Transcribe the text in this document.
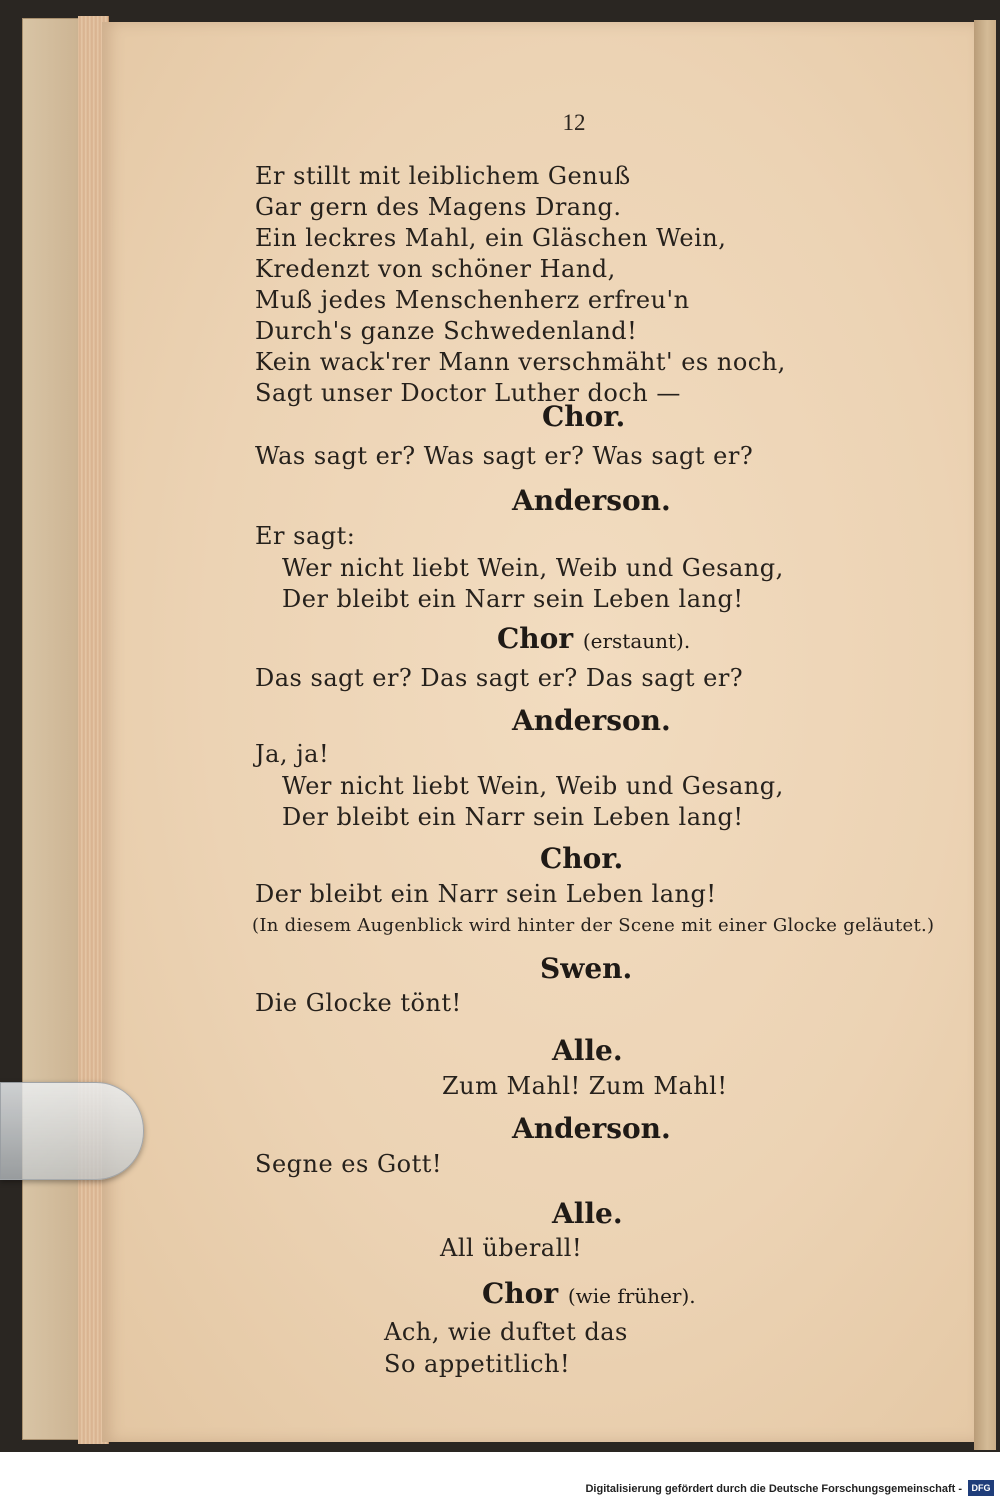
12
Er stillt mit leiblichem Genuß
Gar gern des Magens Drang.
Ein leckres Mahl, ein Gläschen Wein,
Kredenzt von schöner Hand,
Muß jedes Menschenherz erfreu'n
Durch's ganze Schwedenland!
Kein wack'rer Mann verschmäht' es noch,
Sagt unser Doctor Luther doch —
Chor.
Was sagt er? Was sagt er? Was sagt er?
Anderson.
Er sagt:
Wer nicht liebt Wein, Weib und Gesang,
Der bleibt ein Narr sein Leben lang!
Chor (erstaunt).
Das sagt er? Das sagt er? Das sagt er?
Anderson.
Ja, ja!
Wer nicht liebt Wein, Weib und Gesang,
Der bleibt ein Narr sein Leben lang!
Chor.
Der bleibt ein Narr sein Leben lang!
(In diesem Augenblick wird hinter der Scene mit einer Glocke geläutet.)
Swen.
Die Glocke tönt!
Alle.
Zum Mahl! Zum Mahl!
Anderson.
Segne es Gott!
Alle.
All überall!
Chor (wie früher).
Ach, wie duftet das
So appetitlich!
Digitalisierung gefördert durch die Deutsche Forschungsgemeinschaft -	DFG
